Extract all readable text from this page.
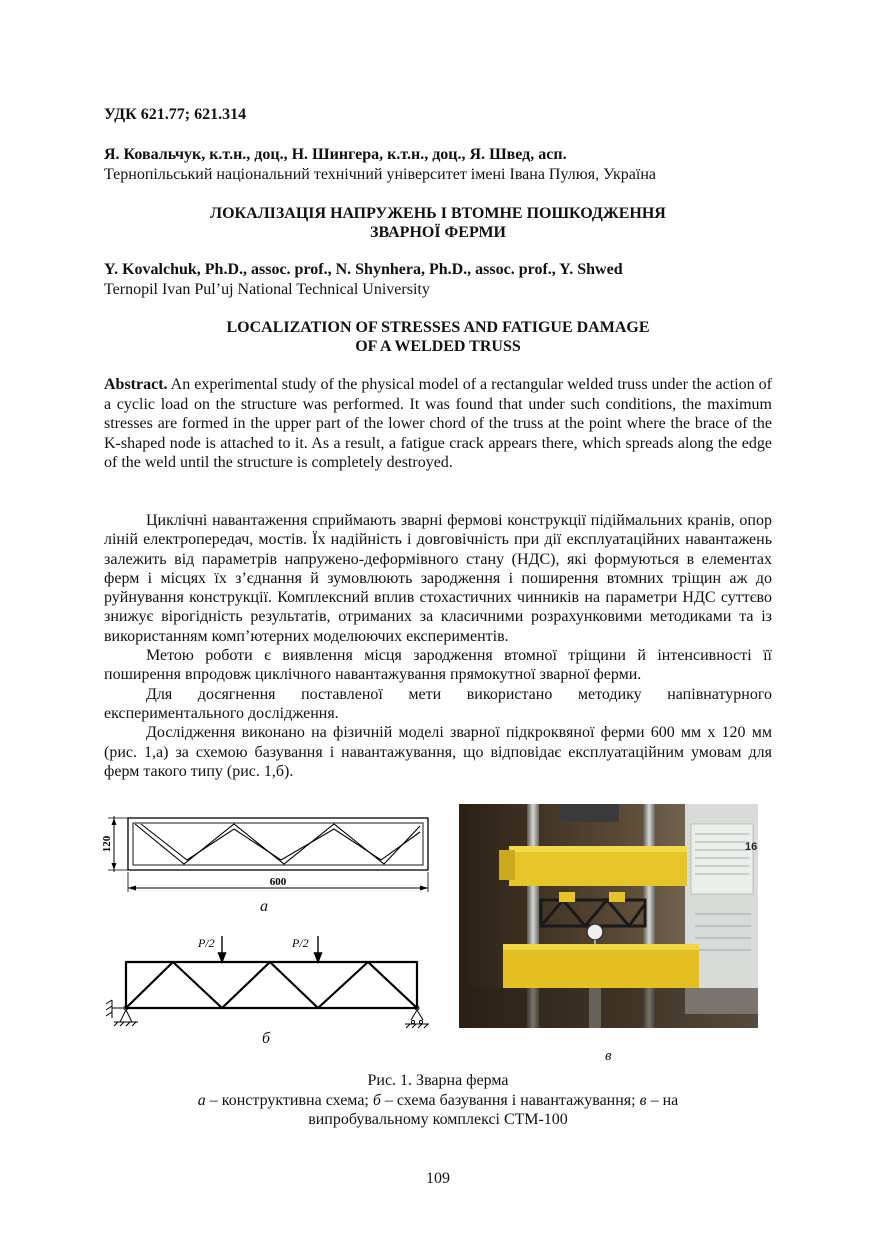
УДК 621.77; 621.314
Я. Ковальчук, к.т.н., доц., Н. Шингера, к.т.н., доц., Я. Швед, асп.
Тернопільський національний технічний університет імені Івана Пулюя, Україна
ЛОКАЛІЗАЦІЯ НАПРУЖЕНЬ І ВТОМНЕ ПОШКОДЖЕННЯ
ЗВАРНОЇ ФЕРМИ
Y. Kovalchuk, Ph.D., assoc. prof., N. Shynhera, Ph.D., assoc. prof., Y. Shwed
Ternopil Ivan Pul’uj National Technical University
LOCALIZATION OF STRESSES AND FATIGUE DAMAGE
OF A WELDED TRUSS
Abstract. An experimental study of the physical model of a rectangular welded truss under the action of a cyclic load on the structure was performed. It was found that under such conditions, the maximum stresses are formed in the upper part of the lower chord of the truss at the point where the brace of the K-shaped node is attached to it. As a result, a fatigue crack appears there, which spreads along the edge of the weld until the structure is completely destroyed.

Циклічні навантаження сприймають зварні фермові конструкції підіймальних кранів, опор ліній електропередач, мостів. Їх надійність і довговічність при дії експлуатаційних навантажень залежить від параметрів напружено-деформівного стану (НДС), які формуються в елементах ферм і місцях їх з’єднання й зумовлюють зародження і поширення втомних тріщин аж до руйнування конструкції. Комплексний вплив стохастичних чинників на параметри НДС суттєво знижує вірогідність результатів, отриманих за класичними розрахунковими методиками та із використанням комп’ютерних моделюючих експериментів.

Метою роботи є виявлення місця зародження втомної тріщини й інтенсивності її поширення впродовж циклічного навантажування прямокутної зварної ферми.

Для досягнення поставленої мети використано методику напівнатурного експериментального дослідження.

Дослідження виконано на фізичній моделі зварної підкроквяної ферми 600 мм х 120 мм (рис. 1,а) за схемою базування і навантажування, що відповідає експлуатаційним умовам для ферм такого типу (рис. 1,б).

120
600
а
P/2	P/2
б
16
в
Рис. 1. Зварна ферма
а – конструктивна схема; б – схема базування і навантажування; в – на
випробувальному комплексі СТМ-100
109
